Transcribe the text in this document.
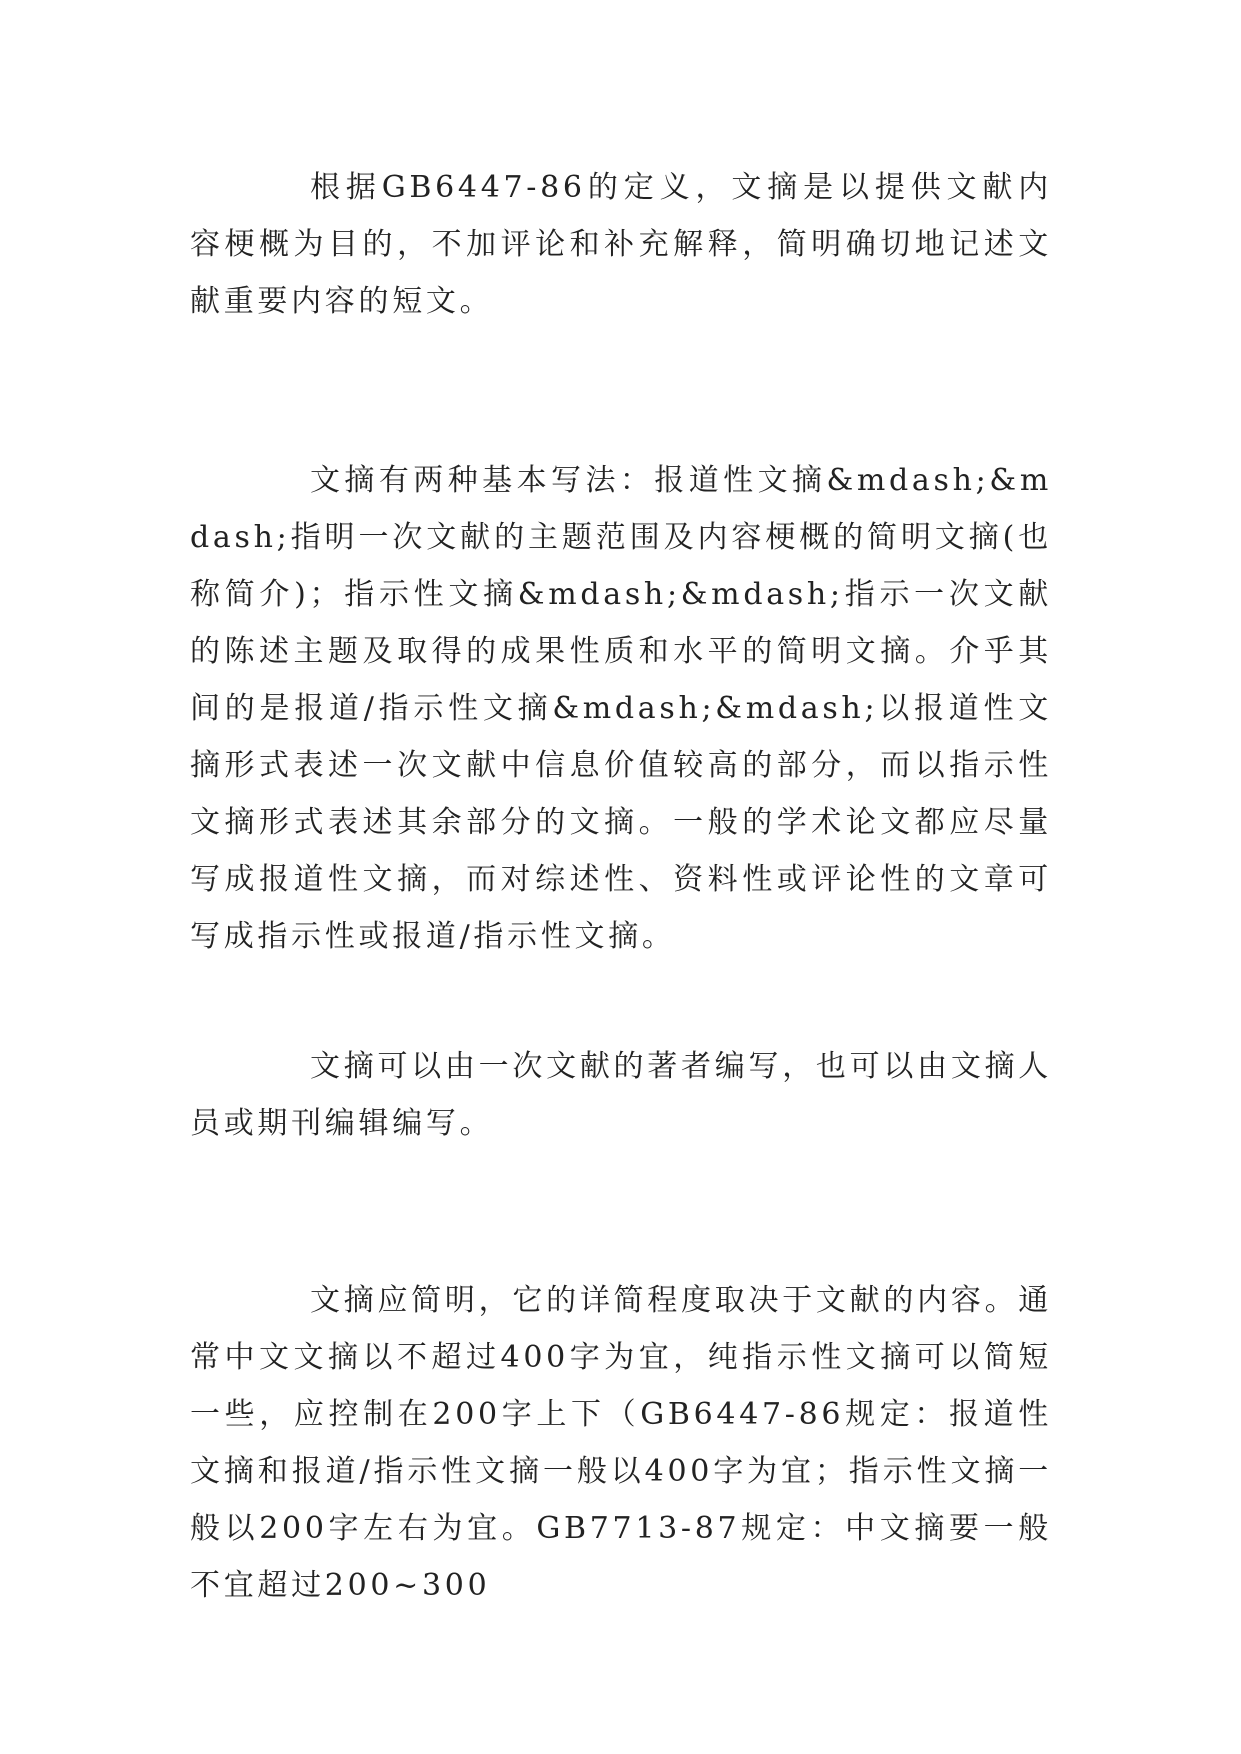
根据GB6447-86的定义，文摘是以提供文献内容梗概为目的，不加评论和补充解释，简明确切地记述文献重要内容的短文。

文摘有两种基本写法：报道性文摘&mdash;&mdash;指明一次文献的主题范围及内容梗概的简明文摘(也称简介)；指示性文摘&mdash;&mdash;指示一次文献的陈述主题及取得的成果性质和水平的简明文摘。介乎其间的是报道/指示性文摘&mdash;&mdash;以报道性文摘形式表述一次文献中信息价值较高的部分，而以指示性文摘形式表述其余部分的文摘。一般的学术论文都应尽量写成报道性文摘，而对综述性、资料性或评论性的文章可写成指示性或报道/指示性文摘。

文摘可以由一次文献的著者编写，也可以由文摘人员或期刊编辑编写。

文摘应简明，它的详简程度取决于文献的内容。通常中文文摘以不超过400字为宜，纯指示性文摘可以简短一些，应控制在200字上下（GB6447-86规定：报道性文摘和报道/指示性文摘一般以400字为宜；指示性文摘一般以200字左右为宜。GB7713-87规定：中文摘要一般不宜超过200~300
